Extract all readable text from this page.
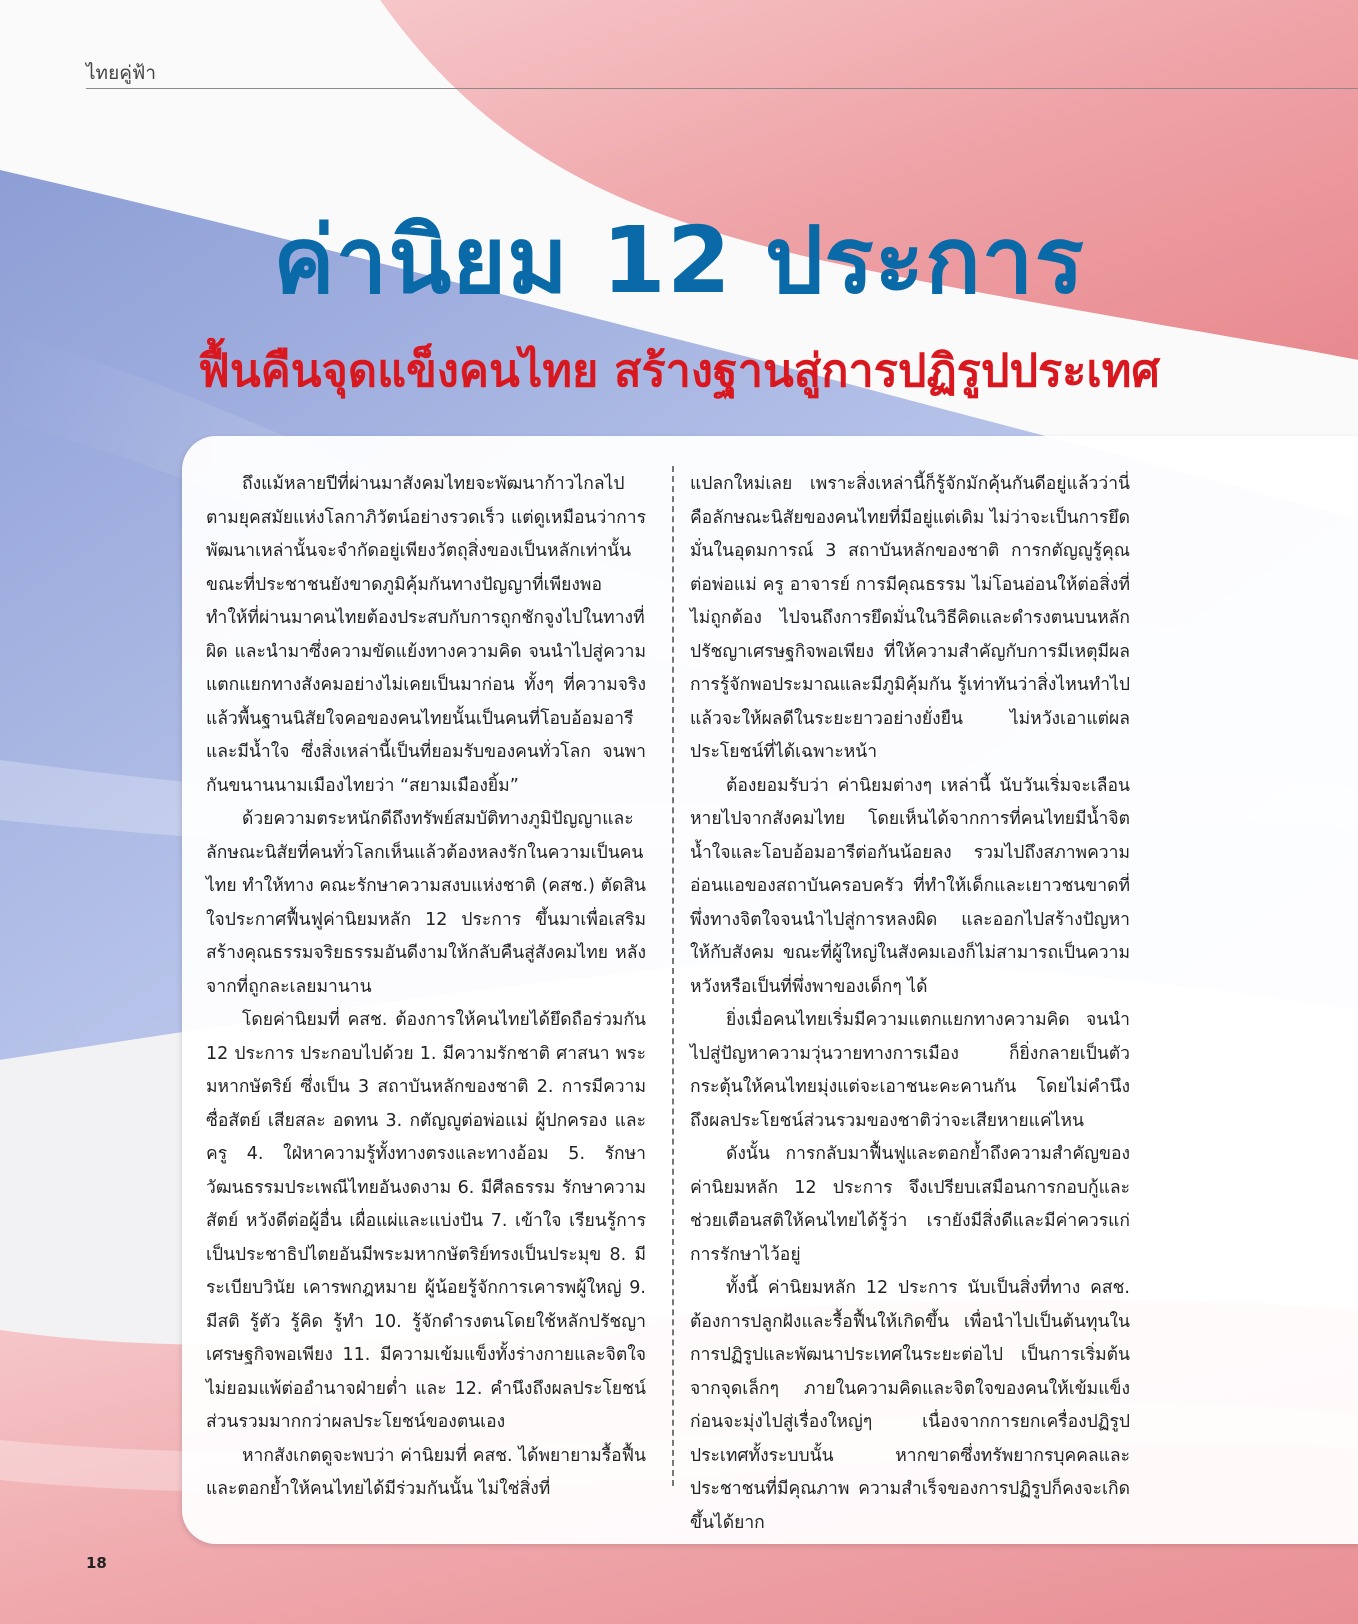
ไทยคู่ฟ้า
ค่านิยม 12 ประการ
ฟื้นคืนจุดแข็งคนไทย สร้างฐานสู่การปฏิรูปประเทศ

ถึงแม้หลายปีที่ผ่านมาสังคมไทยจะพัฒนาก้าวไกลไปตามยุคสมัยแห่งโลกาภิวัตน์อย่างรวดเร็ว แต่ดูเหมือนว่าการพัฒนาเหล่านั้นจะจำกัดอยู่เพียงวัตถุสิ่งของเป็นหลักเท่านั้น ขณะที่ประชาชนยังขาดภูมิคุ้มกันทางปัญญาที่เพียงพอ ทำให้ที่ผ่านมาคนไทยต้องประสบกับการถูกชักจูงไปในทางที่ผิด และนำมาซึ่งความขัดแย้งทางความคิด จนนำไปสู่ความแตกแยกทางสังคมอย่างไม่เคยเป็นมาก่อน ทั้งๆ ที่ความจริงแล้วพื้นฐานนิสัยใจคอของคนไทยนั้นเป็นคนที่โอบอ้อมอารีและมีน้ำใจ ซึ่งสิ่งเหล่านี้เป็นที่ยอมรับของคนทั่วโลก จนพากันขนานนามเมืองไทยว่า “สยามเมืองยิ้ม”

ด้วยความตระหนักดีถึงทรัพย์สมบัติทางภูมิปัญญาและลักษณะนิสัยที่คนทั่วโลกเห็นแล้วต้องหลงรักในความเป็นคนไทย ทำให้ทาง คณะรักษาความสงบแห่งชาติ (คสช.) ตัดสินใจประกาศฟื้นฟูค่านิยมหลัก 12 ประการ ขึ้นมาเพื่อเสริมสร้างคุณธรรมจริยธรรมอันดีงามให้กลับคืนสู่สังคมไทย หลังจากที่ถูกละเลยมานาน

โดยค่านิยมที่ คสช. ต้องการให้คนไทยได้ยึดถือร่วมกัน 12 ประการ ประกอบไปด้วย 1. มีความรักชาติ ศาสนา พระมหากษัตริย์ ซึ่งเป็น 3 สถาบันหลักของชาติ 2. การมีความซื่อสัตย์ เสียสละ อดทน 3. กตัญญูต่อพ่อแม่ ผู้ปกครอง และครู 4. ใฝ่หาความรู้ทั้งทางตรงและทางอ้อม 5. รักษาวัฒนธรรมประเพณีไทยอันงดงาม 6. มีศีลธรรม รักษาความสัตย์ หวังดีต่อผู้อื่น เผื่อแผ่และแบ่งปัน 7. เข้าใจ เรียนรู้การเป็นประชาธิปไตยอันมีพระมหากษัตริย์ทรงเป็นประมุข 8. มีระเบียบวินัย เคารพกฎหมาย ผู้น้อยรู้จักการเคารพผู้ใหญ่ 9. มีสติ รู้ตัว รู้คิด รู้ทำ 10. รู้จักดำรงตนโดยใช้หลักปรัชญาเศรษฐกิจพอเพียง 11. มีความเข้มแข็งทั้งร่างกายและจิตใจ ไม่ยอมแพ้ต่ออำนาจฝ่ายต่ำ และ 12. คำนึงถึงผลประโยชน์ส่วนรวมมากกว่าผลประโยชน์ของตนเอง

หากสังเกตดูจะพบว่า ค่านิยมที่ คสช. ได้พยายามรื้อฟื้นและตอกย้ำให้คนไทยได้มีร่วมกันนั้น ไม่ใช่สิ่งที่

แปลกใหม่เลย เพราะสิ่งเหล่านี้ก็รู้จักมักคุ้นกันดีอยู่แล้วว่านี่คือลักษณะนิสัยของคนไทยที่มีอยู่แต่เดิม ไม่ว่าจะเป็นการยึดมั่นในอุดมการณ์ 3 สถาบันหลักของชาติ การกตัญญูรู้คุณต่อพ่อแม่ ครู อาจารย์ การมีคุณธรรม ไม่โอนอ่อนให้ต่อสิ่งที่ไม่ถูกต้อง ไปจนถึงการยึดมั่นในวิธีคิดและดำรงตนบนหลักปรัชญาเศรษฐกิจพอเพียง ที่ให้ความสำคัญกับการมีเหตุมีผล การรู้จักพอประมาณและมีภูมิคุ้มกัน รู้เท่าทันว่าสิ่งไหนทำไปแล้วจะให้ผลดีในระยะยาวอย่างยั่งยืน ไม่หวังเอาแต่ผลประโยชน์ที่ได้เฉพาะหน้า

ต้องยอมรับว่า ค่านิยมต่างๆ เหล่านี้ นับวันเริ่มจะเลือนหายไปจากสังคมไทย โดยเห็นได้จากการที่คนไทยมีน้ำจิตน้ำใจและโอบอ้อมอารีต่อกันน้อยลง รวมไปถึงสภาพความอ่อนแอของสถาบันครอบครัว ที่ทำให้เด็กและเยาวชนขาดที่พึ่งทางจิตใจจนนำไปสู่การหลงผิด และออกไปสร้างปัญหาให้กับสังคม ขณะที่ผู้ใหญ่ในสังคมเองก็ไม่สามารถเป็นความหวังหรือเป็นที่พึ่งพาของเด็กๆ ได้

ยิ่งเมื่อคนไทยเริ่มมีความแตกแยกทางความคิด จนนำไปสู่ปัญหาความวุ่นวายทางการเมือง ก็ยิ่งกลายเป็นตัวกระตุ้นให้คนไทยมุ่งแต่จะเอาชนะคะคานกัน โดยไม่คำนึงถึงผลประโยชน์ส่วนรวมของชาติว่าจะเสียหายแค่ไหน

ดังนั้น การกลับมาฟื้นฟูและตอกย้ำถึงความสำคัญของค่านิยมหลัก 12 ประการ จึงเปรียบเสมือนการกอบกู้และช่วยเตือนสติให้คนไทยได้รู้ว่า เรายังมีสิ่งดีและมีค่าควรแก่การรักษาไว้อยู่

ทั้งนี้ ค่านิยมหลัก 12 ประการ นับเป็นสิ่งที่ทาง คสช. ต้องการปลูกฝังและรื้อฟื้นให้เกิดขึ้น เพื่อนำไปเป็นต้นทุนในการปฏิรูปและพัฒนาประเทศในระยะต่อไป เป็นการเริ่มต้นจากจุดเล็กๆ ภายในความคิดและจิตใจของคนให้เข้มแข็งก่อนจะมุ่งไปสู่เรื่องใหญ่ๆ เนื่องจากการยกเครื่องปฏิรูปประเทศทั้งระบบนั้น หากขาดซึ่งทรัพยากรบุคคลและประชาชนที่มีคุณภาพ ความสำเร็จของการปฏิรูปก็คงจะเกิดขึ้นได้ยาก

18
